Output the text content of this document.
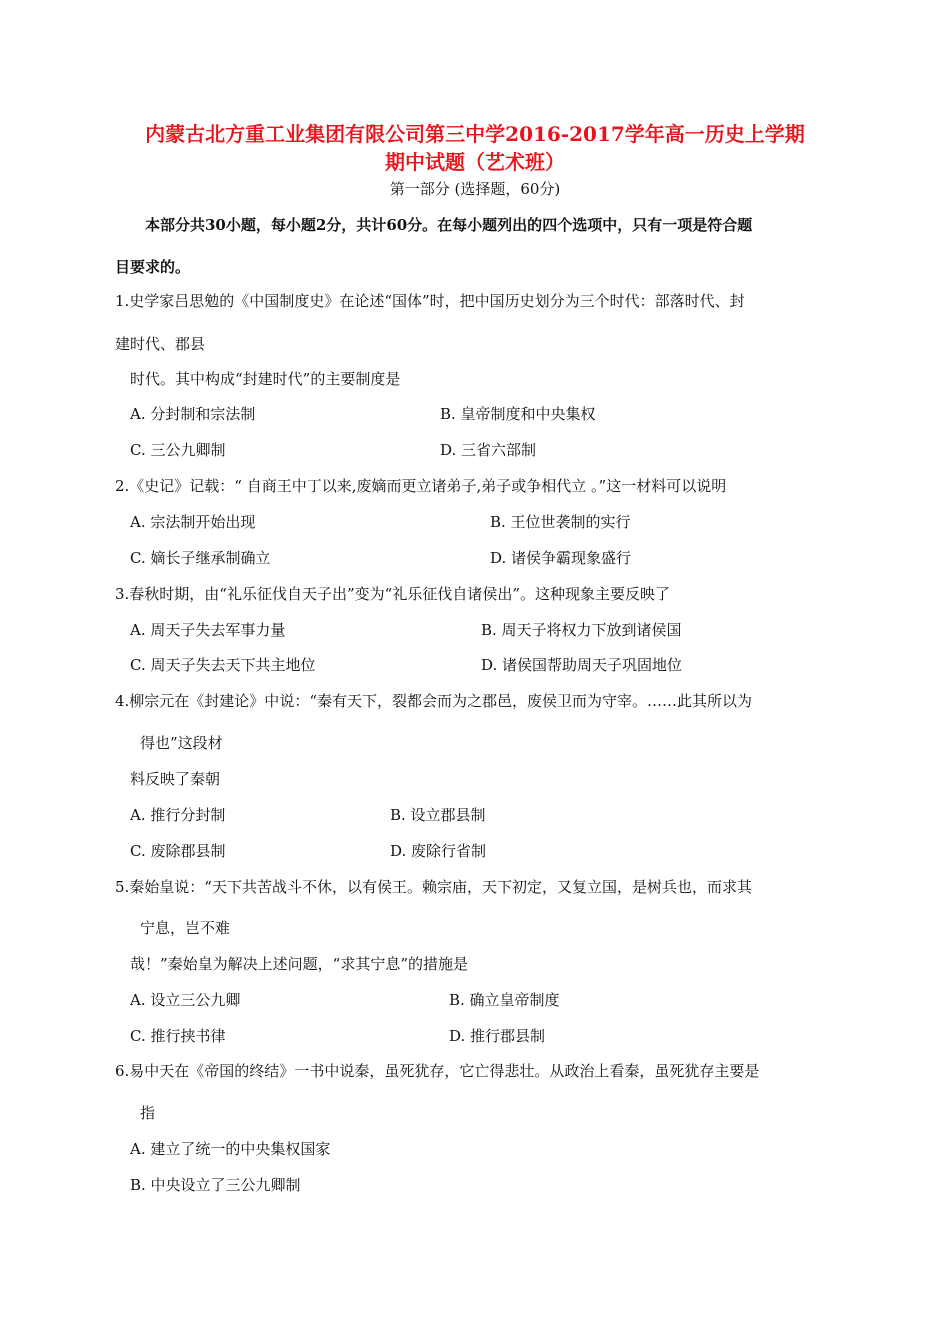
内蒙古北方重工业集团有限公司第三中学2016-2017学年高一历史上学期
期中试题（艺术班）
第一部分 (选择题，60分)
本部分共30小题，每小题2分，共计60分。在每小题列出的四个选项中，只有一项是符合题
目要求的。
1.史学家吕思勉的《中国制度史》在论述“国体”时，把中国历史划分为三个时代：部落时代、封
建时代、郡县
时代。其中构成“封建时代”的主要制度是
A. 分封制和宗法制	B. 皇帝制度和中央集权
C. 三公九卿制	D. 三省六部制
2.《史记》记载：“ 自商王中丁以来,废嫡而更立诸弟子,弟子或争相代立 。”这一材料可以说明
A. 宗法制开始出现	B. 王位世袭制的实行
C. 嫡长子继承制确立	D. 诸侯争霸现象盛行
3.春秋时期，由“礼乐征伐自天子出”变为“礼乐征伐自诸侯出”。这种现象主要反映了
A. 周天子失去军事力量	B. 周天子将权力下放到诸侯国
C. 周天子失去天下共主地位	D. 诸侯国帮助周天子巩固地位
4.柳宗元在《封建论》中说：“秦有天下，裂都会而为之郡邑，废侯卫而为守宰。……此其所以为
得也”这段材
料反映了秦朝
A. 推行分封制	B. 设立郡县制
C. 废除郡县制	D. 废除行省制
5.秦始皇说：“天下共苦战斗不休，以有侯王。赖宗庙，天下初定，又复立国，是树兵也，而求其
宁息，岂不难
哉！”秦始皇为解决上述问题，“求其宁息”的措施是
A. 设立三公九卿	B. 确立皇帝制度
C. 推行挟书律	D. 推行郡县制
6.易中天在《帝国的终结》一书中说秦，虽死犹存，它亡得悲壮。从政治上看秦，虽死犹存主要是
指
A. 建立了统一的中央集权国家
B. 中央设立了三公九卿制
